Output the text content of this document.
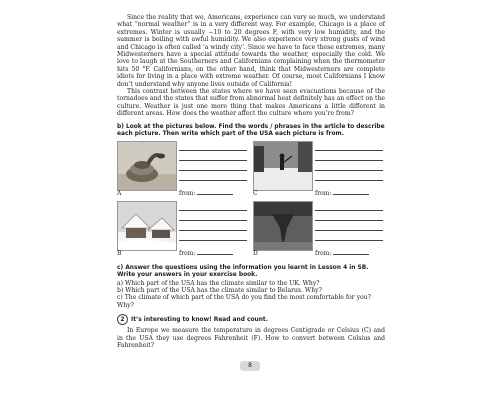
Since the reality that we, Americans, experience can vary so much, we understand what “normal weather” is in a very different way. For example, Chicago is a place of extremes. Winter is usually −10 to 20 degrees F, with very low humidity, and the summer is boiling with awful humidity. We also experience very strong gusts of wind and Chicago is often called ‘a windy city’. Since we have to face these extremes, many Midwesterners have a special attitude towards the weather, especially the cold. We love to laugh at the Southerners and Californians complaining when the thermometer hits 50 °F. Californians, on the other hand, think that Midwesterners are complete idiots for living in a place with extreme weather. Of course, most Californians I know don’t understand why anyone lives outside of California!

This contrast between the states where we have seen evacuations because of the tornadoes and the states that suffer from abnormal heat definitely has an effect on the culture. Weather is just one more thing that makes Americans a little different in different areas. How does the weather affect the culture where you’re from?

b) Look at the pictures below. Find the words / phrases in the article to describe each picture. Then write which part of the USA each picture is from.

A	from:	C	from:
B	from:	D	from:

c) Answer the questions using the information you learnt in Lesson 4 in SB. Write your answers in your exercise book.

a) Which part of the USA has the climate similar to the UK. Why?

b) Which part of the USA has the climate similar to Belarus. Why?

c) The climate of which part of the USA do you find the most comfortable for you? Why?

2 It’s interesting to know! Read and count.

In Europe we measure the temperature in degrees Centigrade or Celsius (C) and in the USA they use degrees Fahrenheit (F). How to convert between Celsius and Fahrenheit?

8
